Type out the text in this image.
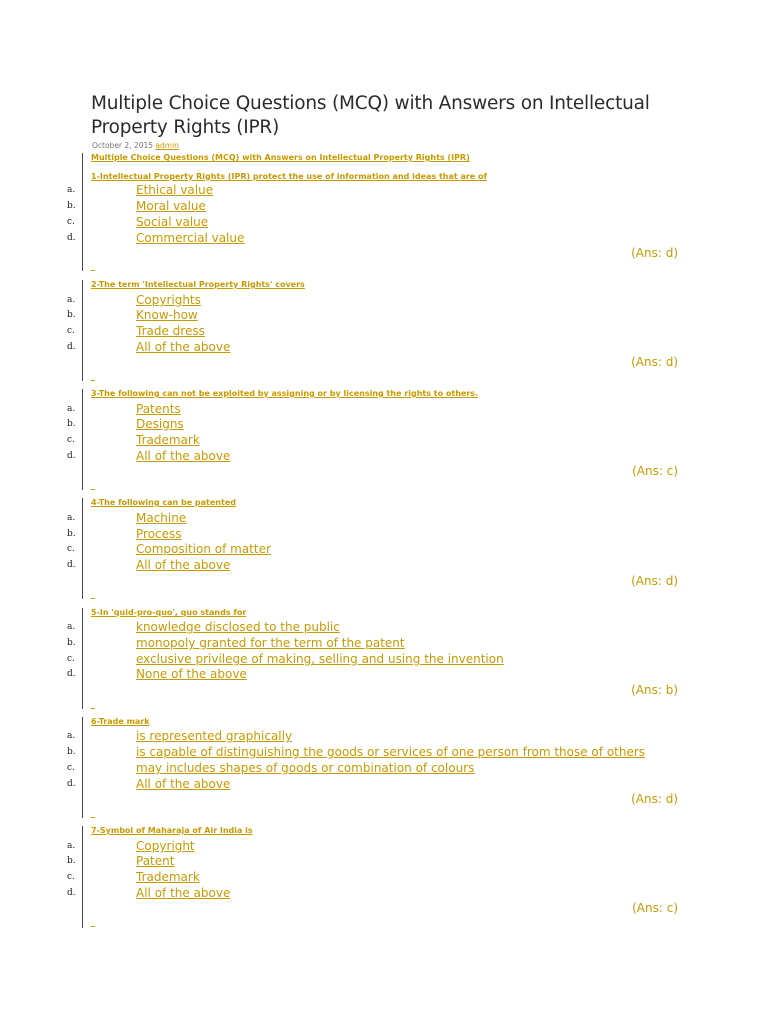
Multiple Choice Questions (MCQ) with Answers on Intellectual Property Rights (IPR)
October 2, 2015 admin
Multiple Choice Questions (MCQ) with Answers on Intellectual Property Rights (IPR)
1-Intellectual Property Rights (IPR) protect the use of information and ideas that are of
a.	Ethical value
b.	Moral value
c.	Social value
d.	Commercial value
(Ans: d)
2-The term 'Intellectual Property Rights' covers
a.	Copyrights
b.	Know-how
c.	Trade dress
d.	All of the above
(Ans: d)
3-The following can not be exploited by assigning or by licensing the rights to others.
a.	Patents
b.	Designs
c.	Trademark
d.	All of the above
(Ans: c)
4-The following can be patented
a.	Machine
b.	Process
c.	Composition of matter
d.	All of the above
(Ans: d)
5-In 'quid-pro-quo', quo stands for
a.	knowledge disclosed to the public
b.	monopoly granted for the term of the patent
c.	exclusive privilege of making, selling and using the invention
d.	None of the above
(Ans: b)
6-Trade mark
a.	is represented graphically
b.	is capable of distinguishing the goods or services of one person from those of others
c.	may includes shapes of goods or combination of colours
d.	All of the above
(Ans: d)
7-Symbol of Maharaja of Air India is
a.	Copyright
b.	Patent
c.	Trademark
d.	All of the above
(Ans: c)
